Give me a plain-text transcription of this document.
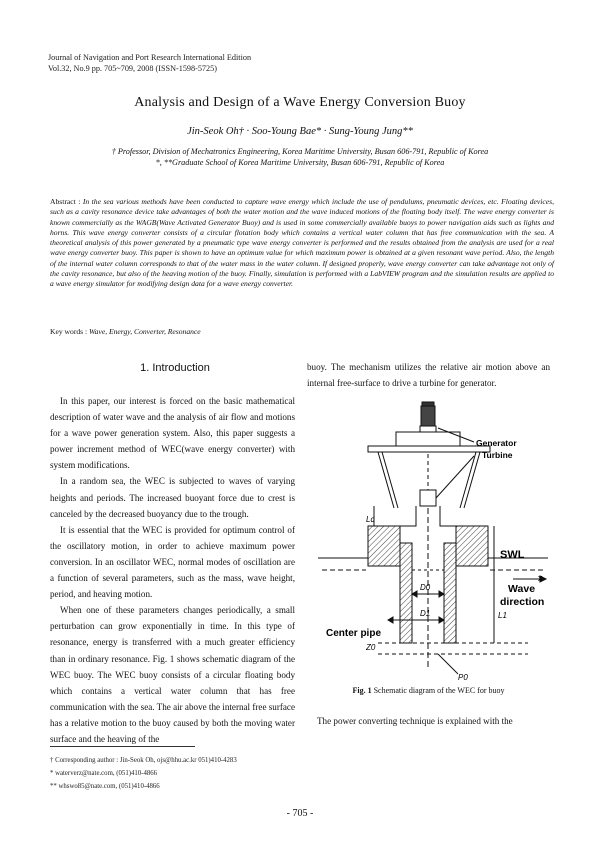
Journal of Navigation and Port Research International Edition
Vol.32, No.9 pp. 705~709, 2008 (ISSN-1598-5725)
Analysis and Design of a Wave Energy Conversion Buoy
Jin-Seok Oh† · Soo-Young Bae* · Sung-Young Jung**
† Professor, Division of Mechatronics Engineering, Korea Maritime University, Busan 606-791, Republic of Korea
*, **Graduate School of Korea Maritime University, Busan 606-791, Republic of Korea
Abstract : In the sea various methods have been conducted to capture wave energy which include the use of pendulums, pneumatic devices, etc. Floating devices, such as a cavity resonance device take advantages of both the water motion and the wave induced motions of the floating body itself. The wave energy converter is known commercially as the WAGB(Wave Activated Generator Buoy) and is used in some commercially available buoys to power navigation aids such as lights and horns. This wave energy converter consists of a circular flotation body which contains a vertical water column that has free communication with the sea. A theoretical analysis of this power generated by a pneumatic type wave energy converter is performed and the results obtained from the analysis are used for a real wave energy converter buoy. This paper is shown to have an optimum value for which maximum power is obtained at a given resonant wave period. Also, the length of the internal water column corresponds to that of the water mass in the water column. If designed properly, wave energy converter can take advantage not only of the cavity resonance, but also of the heaving motion of the buoy. Finally, simulation is performed with a LabVIEW program and the simulation results are applied to a wave energy simulator for modifying design data for a wave energy converter.
Key words : Wave, Energy, Converter, Resonance
1. Introduction

In this paper, our interest is forced on the basic mathematical description of water wave and the analysis of air flow and motions for a wave power generation system. Also, this paper suggests a power increment method of WEC(wave energy converter) with system modifications.

In a random sea, the WEC is subjected to waves of varying heights and periods. The increased buoyant force due to crest is canceled by the decreased buoyancy due to the trough.

It is essential that the WEC is provided for optimum control of the oscillatory motion, in order to achieve maximum power conversion. In an oscillator WEC, normal modes of oscillation are a function of several parameters, such as the mass, wave height, period, and heaving motion.

When one of these parameters changes periodically, a small perturbation can grow exponentially in time. In this type of resonance, energy is transferred with a much greater efficiency than in ordinary resonance. Fig. 1 shows schematic diagram of the WEC buoy. The WEC buoy consists of a circular floating body which contains a vertical water column that has free communication with the sea. The air above the internal free surface has a relative motion to the buoy caused by both the moving water surface and the heaving of the

buoy. The mechanism utilizes the relative air motion above an internal free-surface to drive a turbine for generator.

Generator
Turbine
SWL
x
Wave
direction
Center pipe
Lc
L1
D0
D1
Z0
P0
Fig. 1 Schematic diagram of the WEC for buoy

The power converting technique is explained with the

† Corresponding author : Jin-Seok Oh, ojs@hhu.ac.kr 051)410-4283
* waterverz@nate.com, (051)410-4866
** whswo85@nate.com, (051)410-4866
- 705 -
